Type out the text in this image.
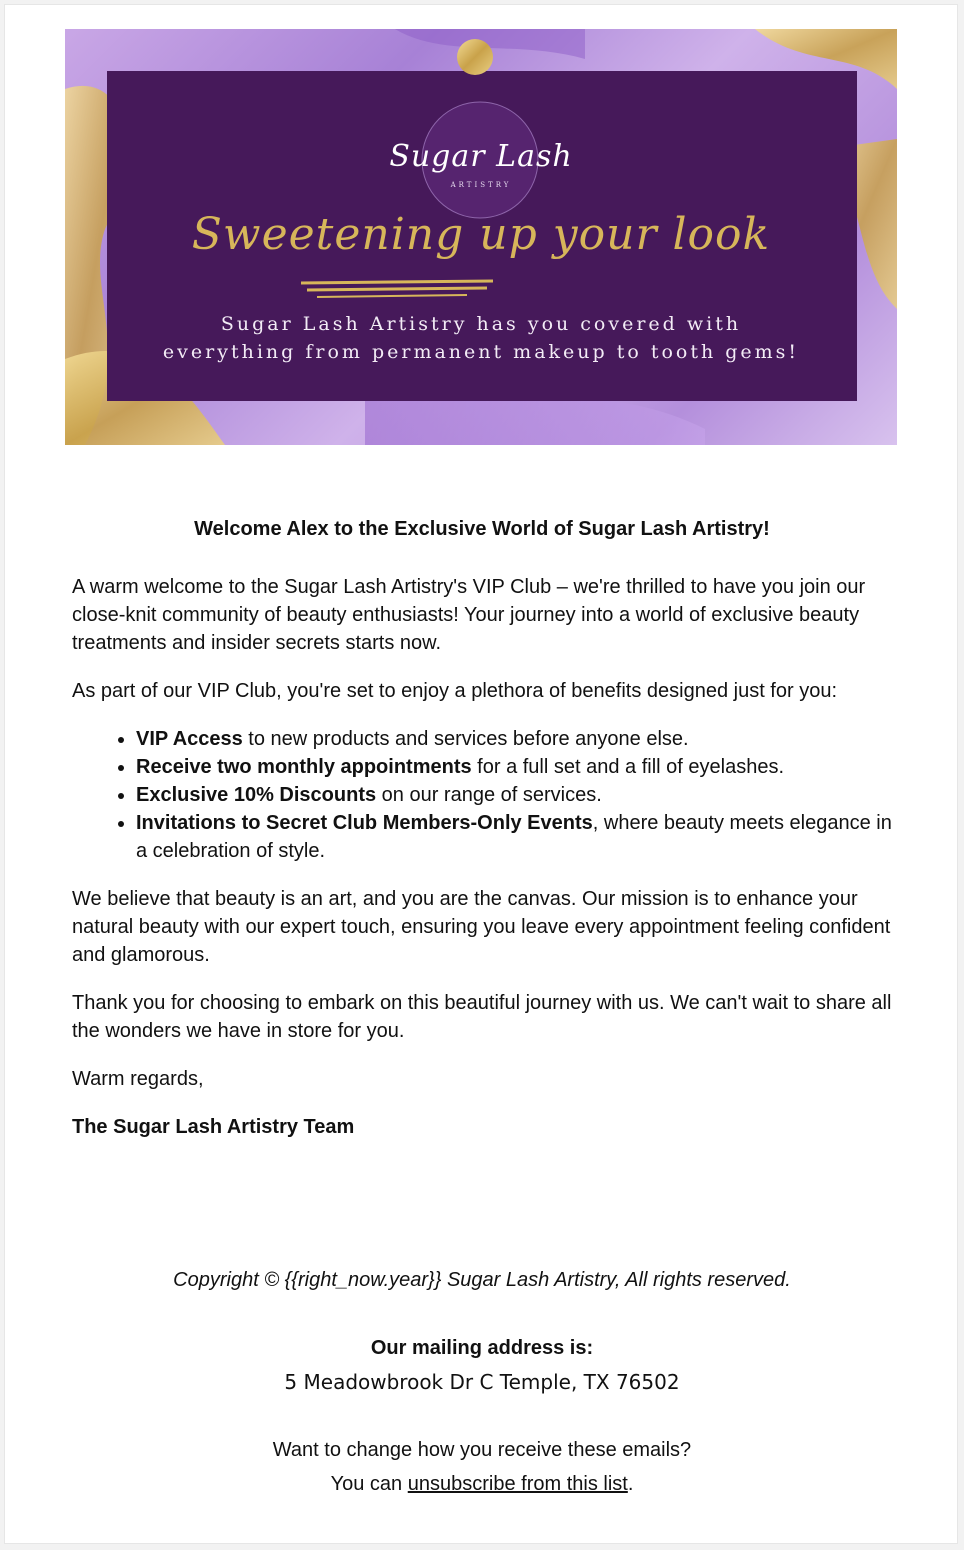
Sugar Lash
ARTISTRY
Sweetening up your look
Sugar Lash Artistry has you covered with
everything from permanent makeup to tooth gems!
Welcome Alex to the Exclusive World of Sugar Lash Artistry!

A warm welcome to the Sugar Lash Artistry's VIP Club – we're thrilled to have you join our close-knit community of beauty enthusiasts! Your journey into a world of exclusive beauty treatments and insider secrets starts now.

As part of our VIP Club, you're set to enjoy a plethora of benefits designed just for you:

• VIP Access to new products and services before anyone else.
• Receive two monthly appointments for a full set and a fill of eyelashes.
• Exclusive 10% Discounts on our range of services.
• Invitations to Secret Club Members-Only Events, where beauty meets elegance in a celebration of style.

We believe that beauty is an art, and you are the canvas. Our mission is to enhance your natural beauty with our expert touch, ensuring you leave every appointment feeling confident and glamorous.

Thank you for choosing to embark on this beautiful journey with us. We can't wait to share all the wonders we have in store for you.

Warm regards,

The Sugar Lash Artistry Team

Copyright © {{right_now.year}} Sugar Lash Artistry, All rights reserved.
Our mailing address is:
5 Meadowbrook Dr C Temple, TX 76502
Want to change how you receive these emails?
You can unsubscribe from this list.
